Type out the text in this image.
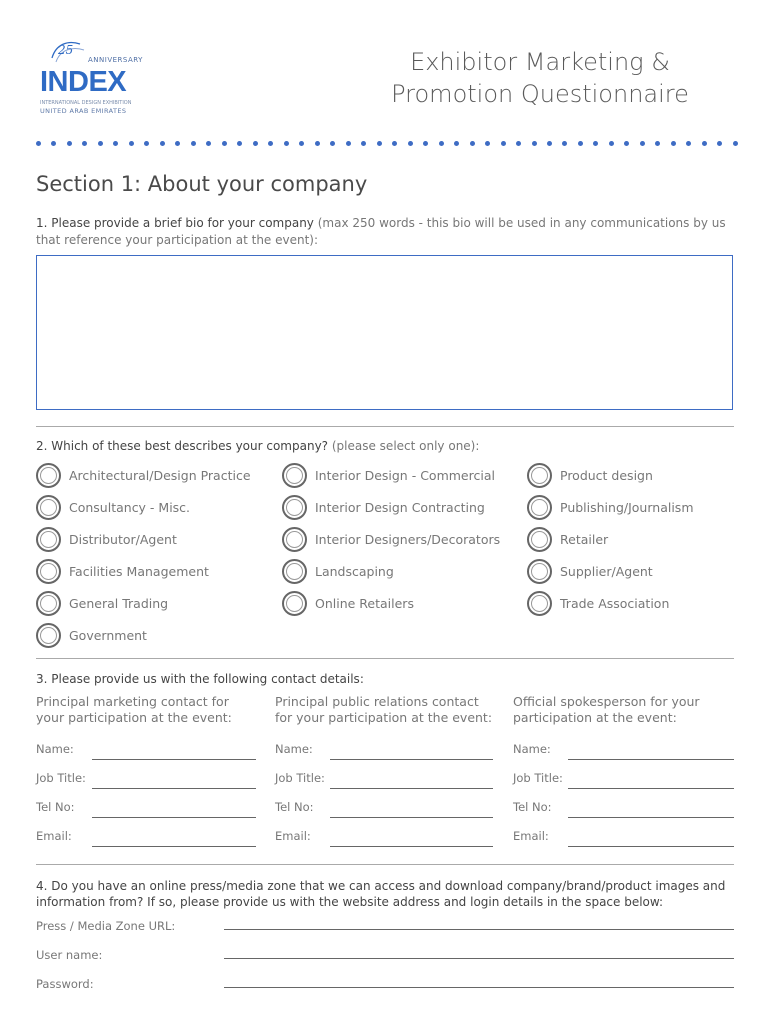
25
ANNIVERSARY
INDEX
INTERNATIONAL DESIGN EXHIBITION
UNITED ARAB EMIRATES
Exhibitor Marketing &
Promotion Questionnaire
Section 1: About your company
1. Please provide a brief bio for your company (max 250 words - this bio will be used in any communications by us that reference your participation at the event):
2. Which of these best describes your company? (please select only one):
Architectural/Design Practice
Consultancy - Misc.
Distributor/Agent
Facilities Management
General Trading
Government
Interior Design - Commercial
Interior Design Contracting
Interior Designers/Decorators
Landscaping
Online Retailers
Product design
Publishing/Journalism
Retailer
Supplier/Agent
Trade Association
3. Please provide us with the following contact details:
Principal marketing contact for your participation at the event:
Principal public relations contact for your participation at the event:
Official spokesperson for your participation at the event:
Name:
Job Title:
Tel No:
Email:
Name:
Job Title:
Tel No:
Email:
Name:
Job Title:
Tel No:
Email:
4. Do you have an online press/media zone that we can access and download company/brand/product images and information from? If so, please provide us with the website address and login details in the space below:
Press / Media Zone URL:
User name:
Password:
